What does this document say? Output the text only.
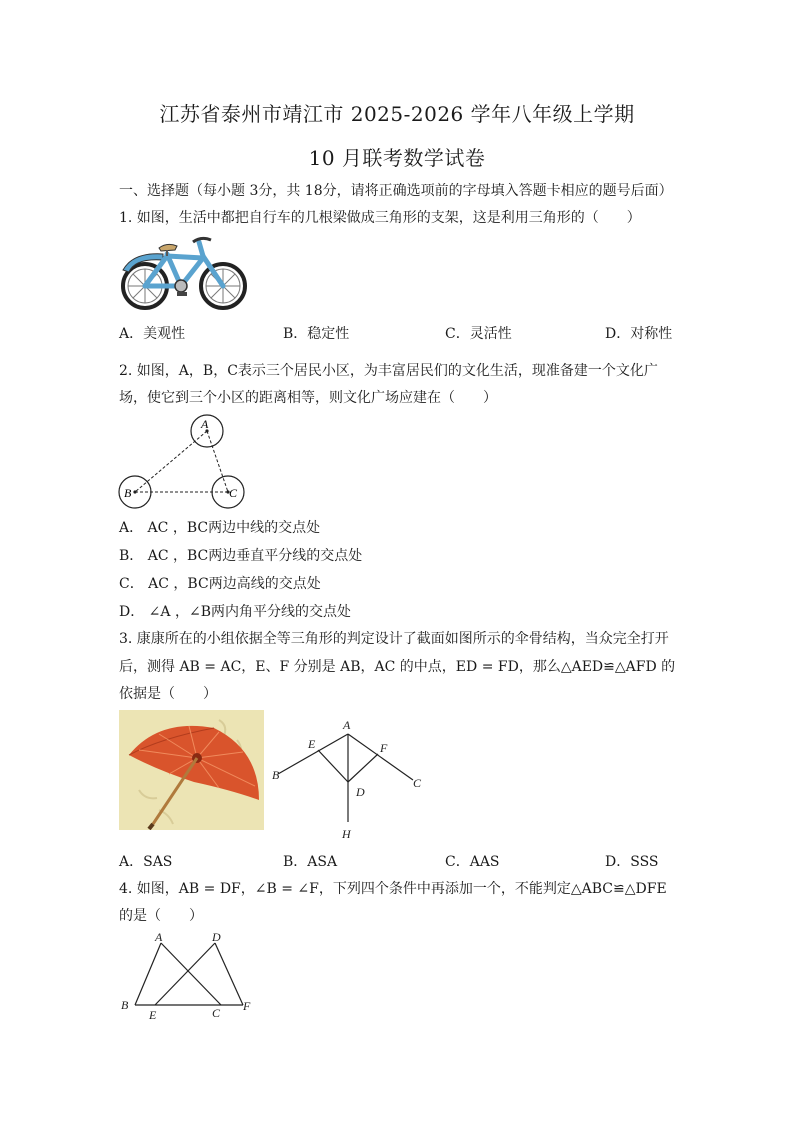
江苏省泰州市靖江市 2025-2026 学年八年级上学期
10 月联考数学试卷
一、选择题（每小题 3分，共 18分，请将正确选项前的字母填入答题卡相应的题号后面）
1. 如图，生活中都把自行车的几根梁做成三角形的支架，这是利用三角形的（　　）
A．美观性	B．稳定性	C．灵活性	D．对称性
2. 如图，A，B，C表示三个居民小区，为丰富居民们的文化生活，现准备建一个文化广
场，使它到三个小区的距离相等，则文化广场应建在（　　）
A
B	C
A． AC ，BC两边中线的交点处
B． AC ，BC两边垂直平分线的交点处
C． AC ，BC两边高线的交点处
D． ∠A ，∠B两内角平分线的交点处
3. 康康所在的小组依据全等三角形的判定设计了截面如图所示的伞骨结构，当众完全打开
后，测得 AB = AC，E、F 分别是 AB，AC 的中点，ED = FD，那么△AED≌△AFD 的
依据是（　　）
A
E	F
B
C
D
H
A．SAS	B．ASA	C．AAS	D．SSS
4. 如图，AB = DF，∠B = ∠F，下列四个条件中再添加一个，不能判定△ABC≌△DFE
的是（　　）
A	D
B
E	C F
